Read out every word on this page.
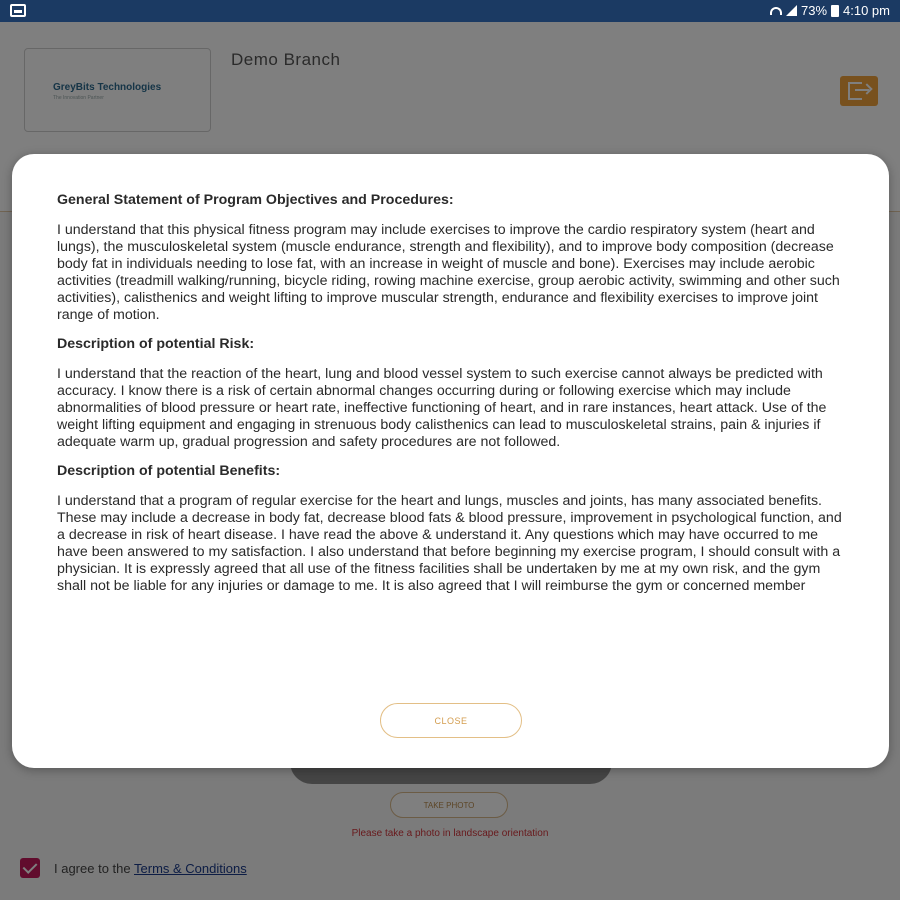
73% 4:10 pm
General Statement of Program Objectives and Procedures:

I understand that this physical fitness program may include exercises to improve the cardio respiratory system (heart and lungs), the musculoskeletal system (muscle endurance, strength and flexibility), and to improve body composition (decrease body fat in individuals needing to lose fat, with an increase in weight of muscle and bone). Exercises may include aerobic activities (treadmill walking/running, bicycle riding, rowing machine exercise, group aerobic activity, swimming and other such activities), calisthenics and weight lifting to improve muscular strength, endurance and flexibility exercises to improve joint range of motion.

Description of potential Risk:

I understand that the reaction of the heart, lung and blood vessel system to such exercise cannot always be predicted with accuracy. I know there is a risk of certain abnormal changes occurring during or following exercise which may include abnormalities of blood pressure or heart rate, ineffective functioning of heart, and in rare instances, heart attack. Use of the weight lifting equipment and engaging in strenuous body calisthenics can lead to musculoskeletal strains, pain & injuries if adequate warm up, gradual progression and safety procedures are not followed.

Description of potential Benefits:

I understand that a program of regular exercise for the heart and lungs, muscles and joints, has many associated benefits. These may include a decrease in body fat, decrease blood fats & blood pressure, improvement in psychological function, and a decrease in risk of heart disease. I have read the above & understand it. Any questions which may have occurred to me have been answered to my satisfaction. I also understand that before beginning my exercise program, I should consult with a physician. It is expressly agreed that all use of the fitness facilities shall be undertaken by me at my own risk, and the gym shall not be liable for any injuries or damage to me. It is also agreed that I will reimburse the gym or concerned member

CLOSE
